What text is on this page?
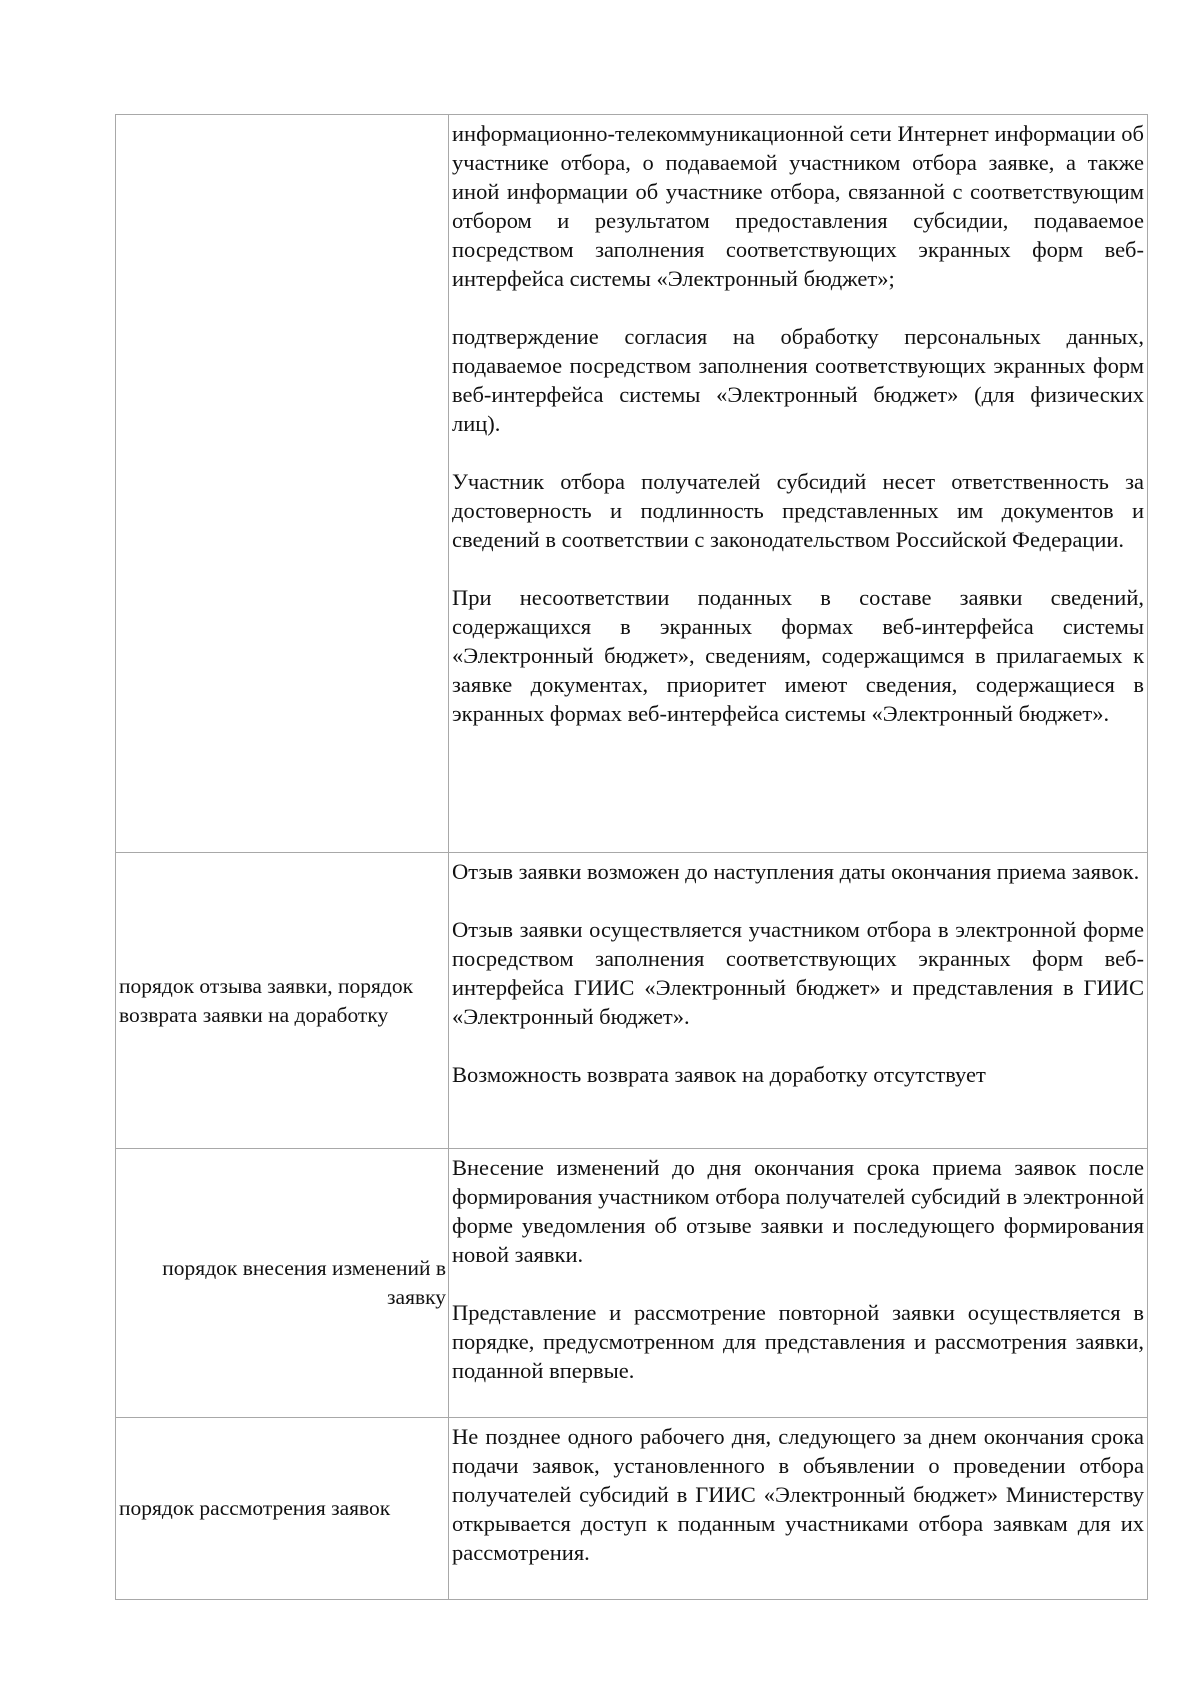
	информационно-телекоммуникационной сети Интернет информации об участнике отбора, о подаваемой участником отбора заявке, а также иной информации об участнике отбора, связанной с соответствующим отбором и результатом предоставления субсидии, подаваемое посредством заполнения соответствующих экранных форм веб-интерфейса системы «Электронный бюджет»;

подтверждение согласия на обработку персональных данных, подаваемое посредством заполнения соответствующих экранных форм веб-интерфейса системы «Электронный бюджет» (для физических лиц).

Участник отбора получателей субсидий несет ответственность за достоверность и подлинность представленных им документов и сведений в соответствии с законодательством Российской Федерации.

При несоответствии поданных в составе заявки сведений, содержащихся в экранных формах веб-интерфейса системы «Электронный бюджет», сведениям, содержащимся в прилагаемых к заявке документах, приоритет имеют сведения, содержащиеся в экранных формах веб-интерфейса системы «Электронный бюджет».

порядок отзыва заявки, порядок возврата заявки на доработку	Отзыв заявки возможен до наступления даты окончания приема заявок.

Отзыв заявки осуществляется участником отбора в электронной форме посредством заполнения соответствующих экранных форм веб-интерфейса ГИИС «Электронный бюджет» и представления в ГИИС «Электронный бюджет».

Возможность возврата заявок на доработку отсутствует

порядок внесения изменений в заявку	Внесение изменений до дня окончания срока приема заявок после формирования участником отбора получателей субсидий в электронной форме уведомления об отзыве заявки и последующего формирования новой заявки.

Представление и рассмотрение повторной заявки осуществляется в порядке, предусмотренном для представления и рассмотрения заявки, поданной впервые.

порядок рассмотрения заявок	Не позднее одного рабочего дня, следующего за днем окончания срока подачи заявок, установленного в объявлении о проведении отбора получателей субсидий в ГИИС «Электронный бюджет» Министерству открывается доступ к поданным участниками отбора заявкам для их рассмотрения.
